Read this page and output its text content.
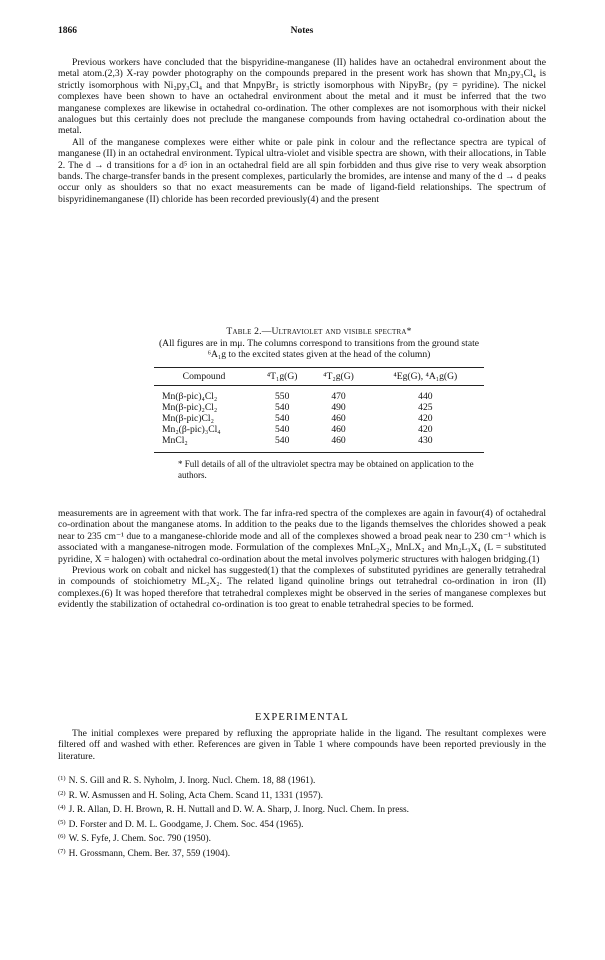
1866	Notes

Previous workers have concluded that the bispyridine-manganese (II) halides have an octahedral environment about the metal atom.(2,3) X-ray powder photography on the compounds prepared in the present work has shown that Mn₂py₃Cl₄ is strictly isomorphous with Ni₂py₃Cl₄ and that MnpyBr₂ is strictly isomorphous with NipyBr₂ (py = pyridine). The nickel complexes have been shown to have an octahedral environment about the metal and it must be inferred that the two manganese complexes are likewise in octahedral co-ordination. The other complexes are not isomorphous with their nickel analogues but this certainly does not preclude the manganese compounds from having octahedral co-ordination about the metal.

All of the manganese complexes were either white or pale pink in colour and the reflectance spectra are typical of manganese (II) in an octahedral environment. Typical ultra-violet and visible spectra are shown, with their allocations, in Table 2. The d → d transitions for a d⁵ ion in an octahedral field are all spin forbidden and thus give rise to very weak absorption bands. The charge-transfer bands in the present complexes, particularly the bromides, are intense and many of the d → d peaks occur only as shoulders so that no exact measurements can be made of ligand-field relationships. The spectrum of bispyridinemanganese (II) chloride has been recorded previously(4) and the present

Table 2.—Ultraviolet and visible spectra*
(All figures are in mμ. The columns correspond to transitions from the ground state ⁶A₁g to the excited states given at the head of the column)
Compound	⁴T₁g(G)	⁴T₂g(G)	⁴Eg(G), ⁴A₁g(G)
Mn(β-pic)₄Cl₂	550	470	440
Mn(β-pic)₂Cl₂	540	490	425
Mn(β-pic)Cl₂	540	460	420
Mn₂(β-pic)₃Cl₄	540	460	420
MnCl₂	540	460	430
* Full details of all of the ultraviolet spectra may be obtained on application to the authors.

measurements are in agreement with that work. The far infra-red spectra of the complexes are again in favour(4) of octahedral co-ordination about the manganese atoms. In addition to the peaks due to the ligands themselves the chlorides showed a peak near to 235 cm⁻¹ due to a manganese-chloride mode and all of the complexes showed a broad peak near to 230 cm⁻¹ which is associated with a manganese-nitrogen mode. Formulation of the complexes MnL₂X₂, MnLX₂ and Mn₂L₃X₄ (L = substituted pyridine, X = halogen) with octahedral co-ordination about the metal involves polymeric structures with halogen bridging.(1)

Previous work on cobalt and nickel has suggested(1) that the complexes of substituted pyridines are generally tetrahedral in compounds of stoichiometry ML₂X₂. The related ligand quinoline brings out tetrahedral co-ordination in iron (II) complexes.(6) It was hoped therefore that tetrahedral complexes might be observed in the series of manganese complexes but evidently the stabilization of octahedral co-ordination is too great to enable tetrahedral species to be formed.

EXPERIMENTAL

The initial complexes were prepared by refluxing the appropriate halide in the ligand. The resultant complexes were filtered off and washed with ether. References are given in Table 1 where compounds have been reported previously in the literature.

$^{(1)}$ N. S. Gill and R. S. Nyholm, J. Inorg. Nucl. Chem. 18, 88 (1961).
$^{(2)}$ R. W. Asmussen and H. Soling, Acta Chem. Scand 11, 1331 (1957).
$^{(4)}$ J. R. Allan, D. H. Brown, R. H. Nuttall and D. W. A. Sharp, J. Inorg. Nucl. Chem. In press.
$^{(5)}$ D. Forster and D. M. L. Goodgame, J. Chem. Soc. 454 (1965).
$^{(6)}$ W. S. Fyfe, J. Chem. Soc. 790 (1950).
$^{(7)}$ H. Grossmann, Chem. Ber. 37, 559 (1904).
